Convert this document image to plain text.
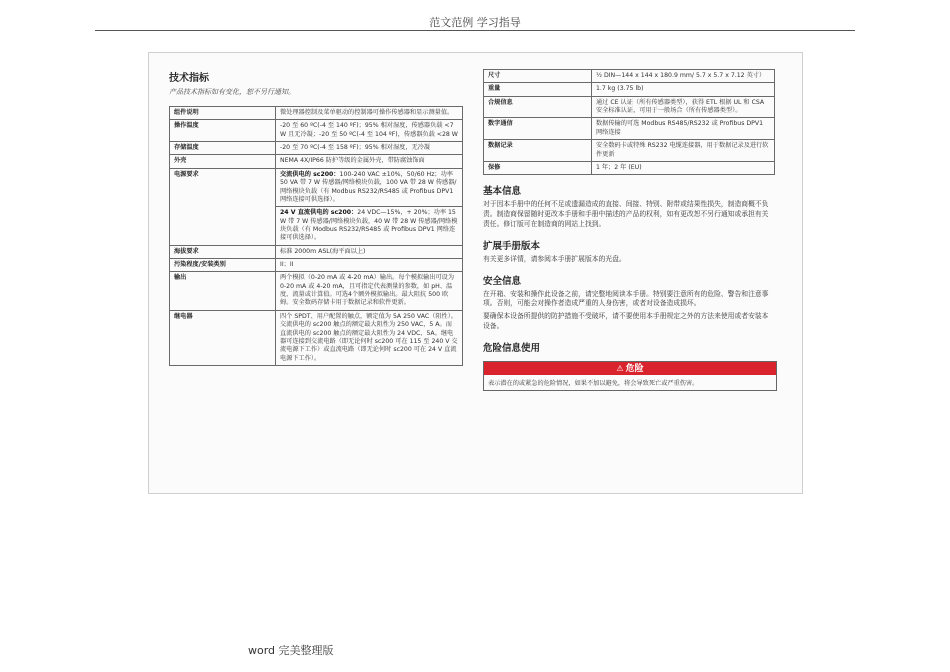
范文范例 学习指导
技术指标
产品技术指标如有变化，恕不另行通知。
组件说明	微处理器控制及菜单驱动的控制器可操作传感器和显示测量值。
操作温度	-20 至 60 ºC(-4 至 140 ºF)；95% 相对湿度，传感器负载 <7 W 且无冷凝；-20 至 50 ºC(-4 至 104 ºF)，传感器负载 <28 W
存储温度	-20 至 70 ºC(-4 至 158 ºF)；95% 相对湿度，无冷凝
外壳	NEMA 4X/IP66 防护等级的金属外壳，带防腐蚀饰面
电源要求	交流供电的 sc200：100-240 VAC ±10%，50/60 Hz；功率 50 VA 带 7 W 传感器/网络模块负载，100 VA 带 28 W 传感器/网络模块负载（有 Modbus RS232/RS485 或 Profibus DPV1 网络连接可供选择）。
	24 V 直流供电的 sc200：24 VDC—15%，+ 20%；功率 15 W 带 7 W 传感器/网络模块负载，40 W 带 28 W 传感器/网络模块负载（有 Modbus RS232/RS485 或 Profibus DPV1 网络连接可供选择）。
海拔要求	标准 2000m ASL(海平面以上)
污染程度/安装类别	II；II
输出	两个模拟（0-20 mA 或 4-20 mA）输出。每个模拟输出可设为 0-20 mA 或 4-20 mA，且可指定代表测量的参数，如 pH、温度、流量或计算值。可选4个额外模拟输出。最大阻抗 500 欧姆。安全数码存储卡用于数据记录和软件更新。
继电器	四个 SPDT、用户配置的触点，额定值为 5A 250 VAC（阻性）。交流供电的 sc200 触点的额定最大阻性为 250 VAC，5 A。而直流供电的 sc200 触点的额定最大阻性为 24 VDC、5A。继电器可连接到交流电路（即无论何时 sc200 可在 115 至 240 V 交流电源下工作）或直流电路（即无论何时 sc200 可在 24 V 直流电源下工作）。
尺寸	½ DIN—144 x 144 x 180.9 mm/ 5.7 x 5.7 x 7.12 英寸）
重量	1.7 kg (3.75 lb)
合规信息	通过 CE 认证（所有传感器类型），获得 ETL 根据 UL 和 CSA 安全标准认证，可用于一般场合（所有传感器类型）。
数字通信	数据传输的可选 Modbus RS485/RS232 或 Profibus DPV1 网络连接
数据记录	安全数码卡或特殊 RS232 电缆连接器，用于数据记录及进行软件更新
保修	1 年；2 年 (EU)
基本信息

对于因本手册中的任何不足或遗漏造成的直接、间接、特别、附带或结果性损失，制造商概不负责。制造商保留随时更改本手册和手册中描述的产品的权利，如有更改恕不另行通知或承担有关责任。修订版可在制造商的网站上找到。

扩展手册版本

有关更多详情，请参阅本手册扩展版本的光盘。

安全信息

在开箱、安装和操作此设备之前，请完整地阅读本手册。特别要注意所有的危险、警告和注意事项。否则，可能会对操作者造成严重的人身伤害，或者对设备造成损坏。

要确保本设备所提供的防护措施不受破坏，请不要使用本手册规定之外的方法来使用或者安装本设备。

危险信息使用
⚠ 危险
表示潜在的或紧急的危险情况，如果不加以避免，将会导致死亡或严重伤害。
word 完美整理版
